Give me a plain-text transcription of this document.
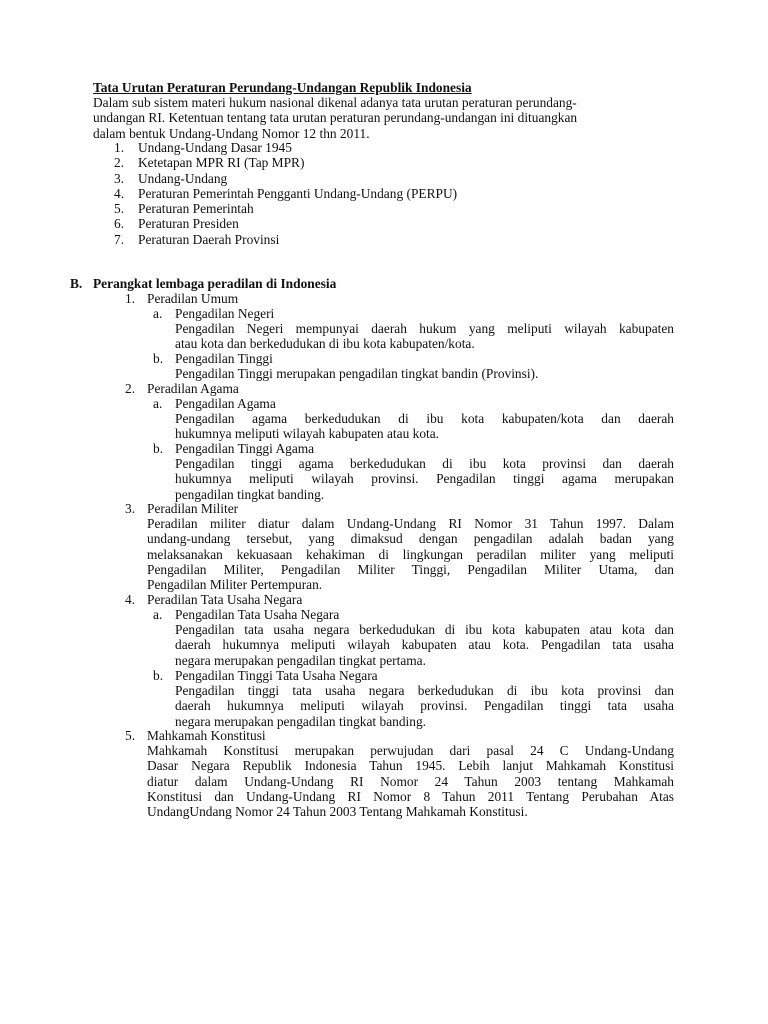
Tata Urutan Peraturan Perundang-Undangan Republik Indonesia
Dalam sub sistem materi hukum nasional dikenal adanya tata urutan peraturan perundang-
undangan RI. Ketentuan tentang tata urutan peraturan perundang-undangan ini dituangkan
dalam bentuk Undang-Undang Nomor 12 thn 2011.
1.	Undang-Undang Dasar 1945
2.	Ketetapan MPR RI (Tap MPR)
3.	Undang-Undang
4.	Peraturan Pemerintah Pengganti Undang-Undang (PERPU)
5.	Peraturan Pemerintah
6.	Peraturan Presiden
7.	Peraturan Daerah Provinsi
B. Perangkat lembaga peradilan di Indonesia
1. Peradilan Umum
a. Pengadilan Negeri
Pengadilan Negeri mempunyai daerah hukum yang meliputi wilayah kabupaten
atau kota dan berkedudukan di ibu kota kabupaten/kota.
b. Pengadilan Tinggi
Pengadilan Tinggi merupakan pengadilan tingkat bandin (Provinsi).
2. Peradilan Agama
a. Pengadilan Agama
Pengadilan agama berkedudukan di ibu kota kabupaten/kota dan daerah
hukumnya meliputi wilayah kabupaten atau kota.
b. Pengadilan Tinggi Agama
Pengadilan tinggi agama berkedudukan di ibu kota provinsi dan daerah
hukumnya meliputi wilayah provinsi. Pengadilan tinggi agama merupakan
pengadilan tingkat banding.
3. Peradilan Militer
Peradilan militer diatur dalam Undang-Undang RI Nomor 31 Tahun 1997. Dalam
undang-undang tersebut, yang dimaksud dengan pengadilan adalah badan yang
melaksanakan kekuasaan kehakiman di lingkungan peradilan militer yang meliputi
Pengadilan Militer, Pengadilan Militer Tinggi, Pengadilan Militer Utama, dan
Pengadilan Militer Pertempuran.
4. Peradilan Tata Usaha Negara
a. Pengadilan Tata Usaha Negara
Pengadilan tata usaha negara berkedudukan di ibu kota kabupaten atau kota dan
daerah hukumnya meliputi wilayah kabupaten atau kota. Pengadilan tata usaha
negara merupakan pengadilan tingkat pertama.
b. Pengadilan Tinggi Tata Usaha Negara
Pengadilan tinggi tata usaha negara berkedudukan di ibu kota provinsi dan
daerah hukumnya meliputi wilayah provinsi. Pengadilan tinggi tata usaha
negara merupakan pengadilan tingkat banding.
5. Mahkamah Konstitusi
Mahkamah Konstitusi merupakan perwujudan dari pasal 24 C Undang-Undang
Dasar Negara Republik Indonesia Tahun 1945. Lebih lanjut Mahkamah Konstitusi
diatur dalam Undang-Undang RI Nomor 24 Tahun 2003 tentang Mahkamah
Konstitusi dan Undang-Undang RI Nomor 8 Tahun 2011 Tentang Perubahan Atas
UndangUndang Nomor 24 Tahun 2003 Tentang Mahkamah Konstitusi.
